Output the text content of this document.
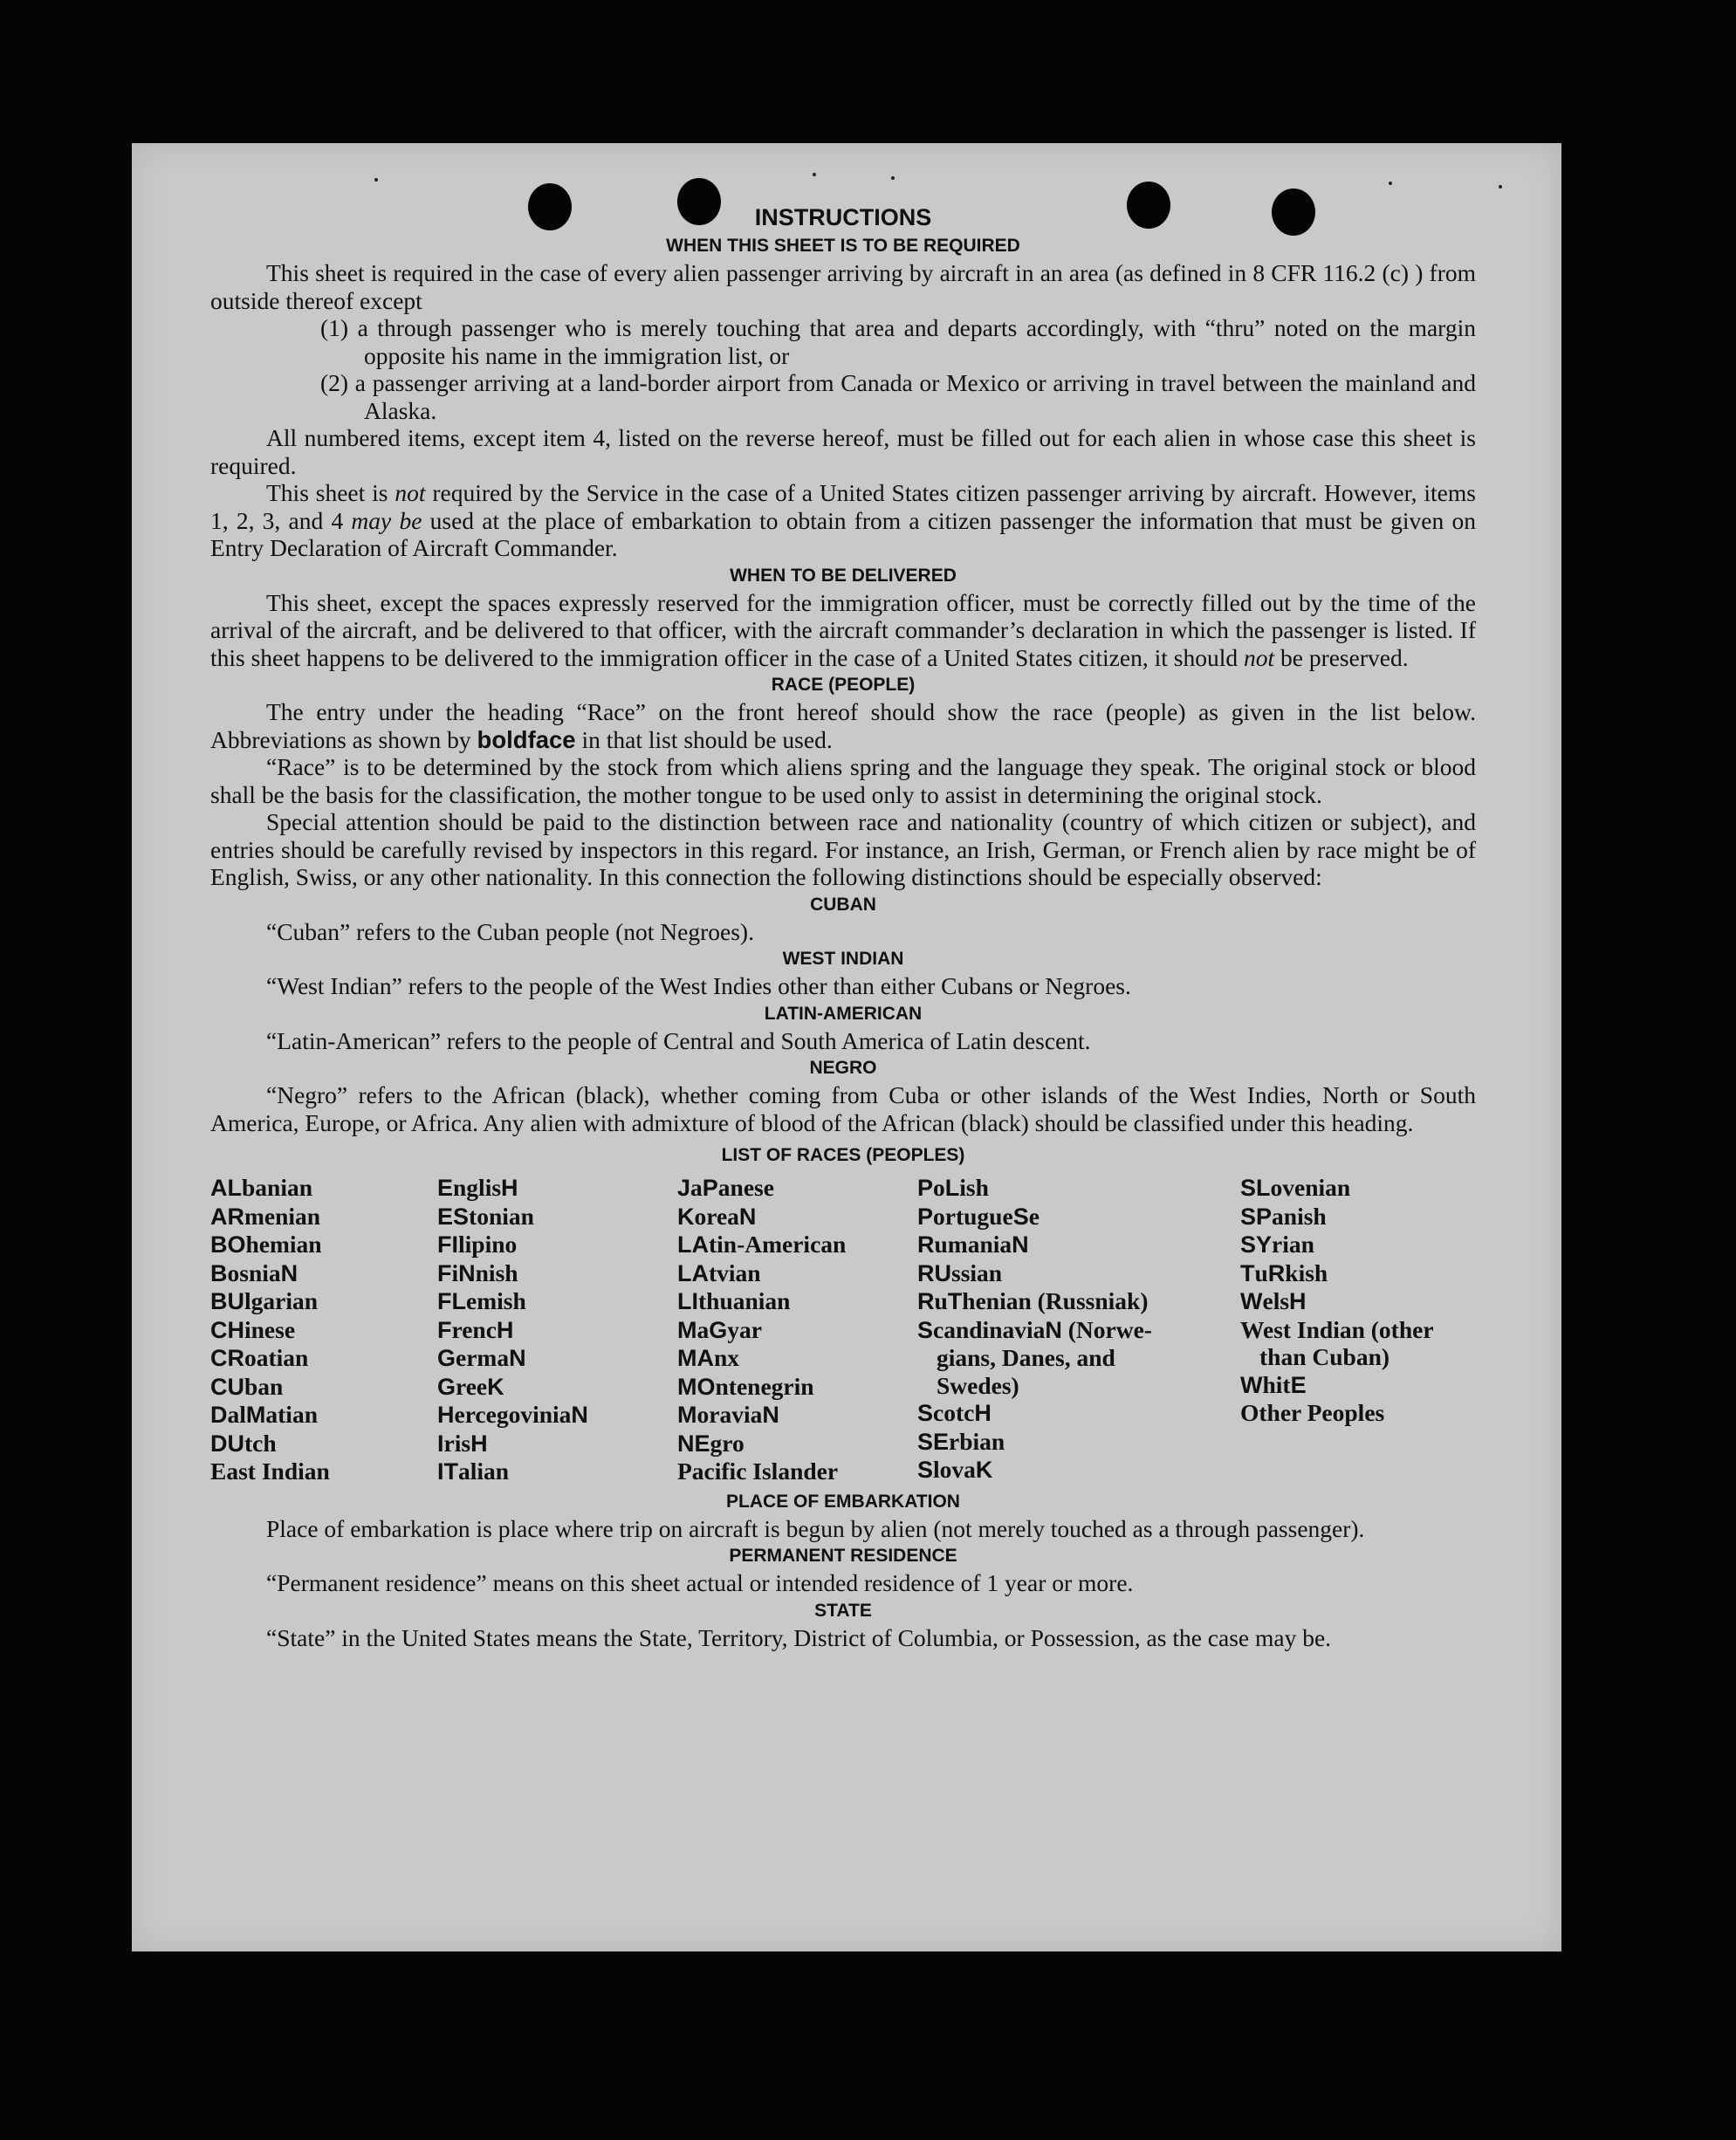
INSTRUCTIONS

WHEN THIS SHEET IS TO BE REQUIRED

This sheet is required in the case of every alien passenger arriving by aircraft in an area (as defined in 8 CFR 116.2 (c) ) from outside thereof except

(1) a through passenger who is merely touching that area and departs accordingly, with “thru” noted on the margin opposite his name in the immigration list, or

(2) a passenger arriving at a land-border airport from Canada or Mexico or arriving in travel between the mainland and Alaska.

All numbered items, except item 4, listed on the reverse hereof, must be filled out for each alien in whose case this sheet is required.

This sheet is not required by the Service in the case of a United States citizen passenger arriving by aircraft. However, items 1, 2, 3, and 4 may be used at the place of embarkation to obtain from a citizen passenger the information that must be given on Entry Declaration of Aircraft Commander.

WHEN TO BE DELIVERED

This sheet, except the spaces expressly reserved for the immigration officer, must be correctly filled out by the time of the arrival of the aircraft, and be delivered to that officer, with the aircraft commander’s declaration in which the passenger is listed. If this sheet happens to be delivered to the immigration officer in the case of a United States citizen, it should not be preserved.

RACE (PEOPLE)

The entry under the heading “Race” on the front hereof should show the race (people) as given in the list below. Abbreviations as shown by boldface in that list should be used.

“Race” is to be determined by the stock from which aliens spring and the language they speak. The original stock or blood shall be the basis for the classification, the mother tongue to be used only to assist in determining the original stock.

Special attention should be paid to the distinction between race and nationality (country of which citizen or subject), and entries should be carefully revised by inspectors in this regard. For instance, an Irish, German, or French alien by race might be of English, Swiss, or any other nationality. In this connection the following distinctions should be especially observed:

CUBAN

“Cuban” refers to the Cuban people (not Negroes).

WEST INDIAN

“West Indian” refers to the people of the West Indies other than either Cubans or Negroes.

LATIN-AMERICAN

“Latin-American” refers to the people of Central and South America of Latin descent.

NEGRO

“Negro” refers to the African (black), whether coming from Cuba or other islands of the West Indies, North or South America, Europe, or Africa. Any alien with admixture of blood of the African (black) should be classified under this heading.

LIST OF RACES (PEOPLES)

ALbanian
ARmenian
BOhemian
BosniaN
BUlgarian
CHinese
CRoatian
CUban
DalMatian
DUtch
East Indian
EnglisH
EStonian
FIlipino
FiNnish
FLemish
FrencH
GermaN
GreeK
HercegoviniaN
IrisH
ITalian
JaPanese
KoreaN
LAtin-American
LAtvian
LIthuanian
MaGyar
MAnx
MOntenegrin
MoraviaN
NEgro
Pacific Islander
PoLish
PortugueSe
RumaniaN
RUssian
RuThenian (Russniak)
ScandinaviaN (Norwe-
gians, Danes, and
Swedes)
ScotcH
SErbian
SlovaK
SLovenian
SPanish
SYrian
TuRkish
WelsH
West Indian (other
than Cuban)
WhitE
Other Peoples

PLACE OF EMBARKATION

Place of embarkation is place where trip on aircraft is begun by alien (not merely touched as a through passenger).

PERMANENT RESIDENCE

“Permanent residence” means on this sheet actual or intended residence of 1 year or more.

STATE

“State” in the United States means the State, Territory, District of Columbia, or Possession, as the case may be.
